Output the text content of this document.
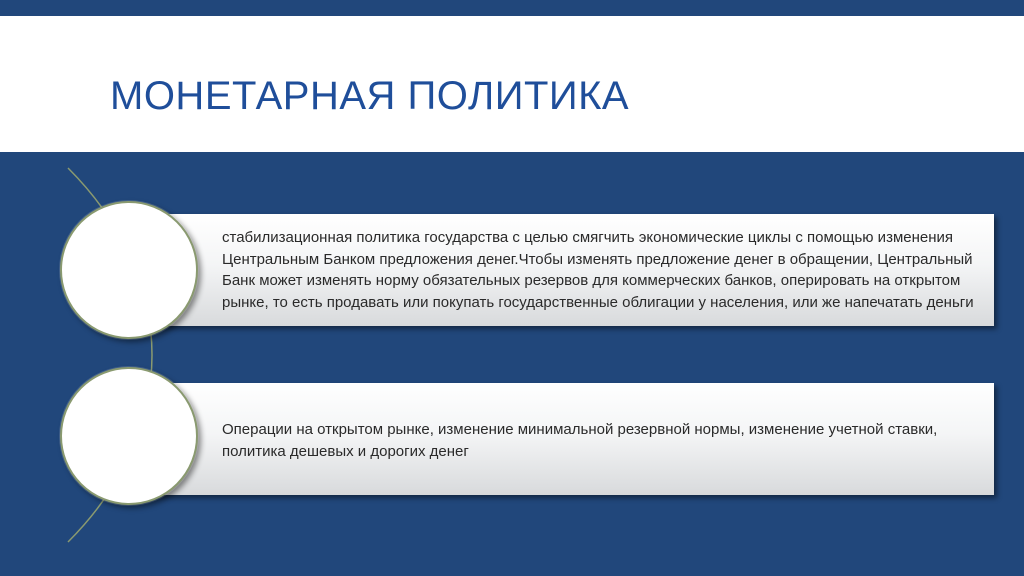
МОНЕТАРНАЯ ПОЛИТИКА

стабилизационная политика государства с целью смягчить экономические циклы с помощью изменения Центральным Банком предложения денег.Чтобы изменять предложение денег в обращении, Центральный Банк может изменять норму обязательных резервов для коммерческих банков, оперировать на открытом рынке, то есть продавать или покупать государственные облигации у населения, или же напечатать деньги

Операции на открытом рынке, изменение минимальной резервной нормы, изменение учетной ставки, политика дешевых и дорогих денег
